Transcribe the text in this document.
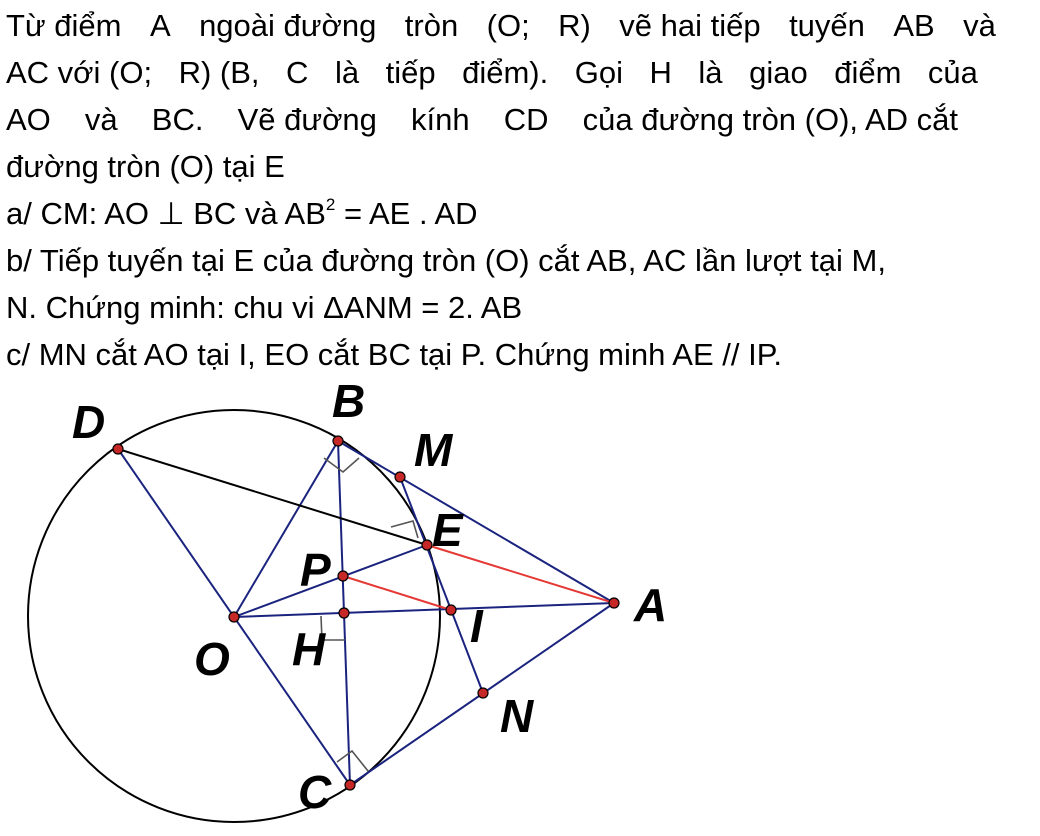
Từ điểm A ngoài đường tròn (O; R) vẽ hai tiếp tuyến AB và
AC với (O; R) (B, C là tiếp điểm). Gọi H là giao điểm của
AO và BC. Vẽ đường kính CD của đường tròn (O), AD cắt
đường tròn (O) tại E
a/ CM: AO ⊥ BC và $AB^2$ = AE . AD
b/ Tiếp tuyến tại E của đường tròn (O) cắt AB, AC lần lượt tại M,
N. Chứng minh: chu vi ΔANM = 2. AB
c/ MN cắt AO tại I, EO cắt BC tại P. Chứng minh AE // IP.
D	B
M
E
P
I	A
O H
N
C
